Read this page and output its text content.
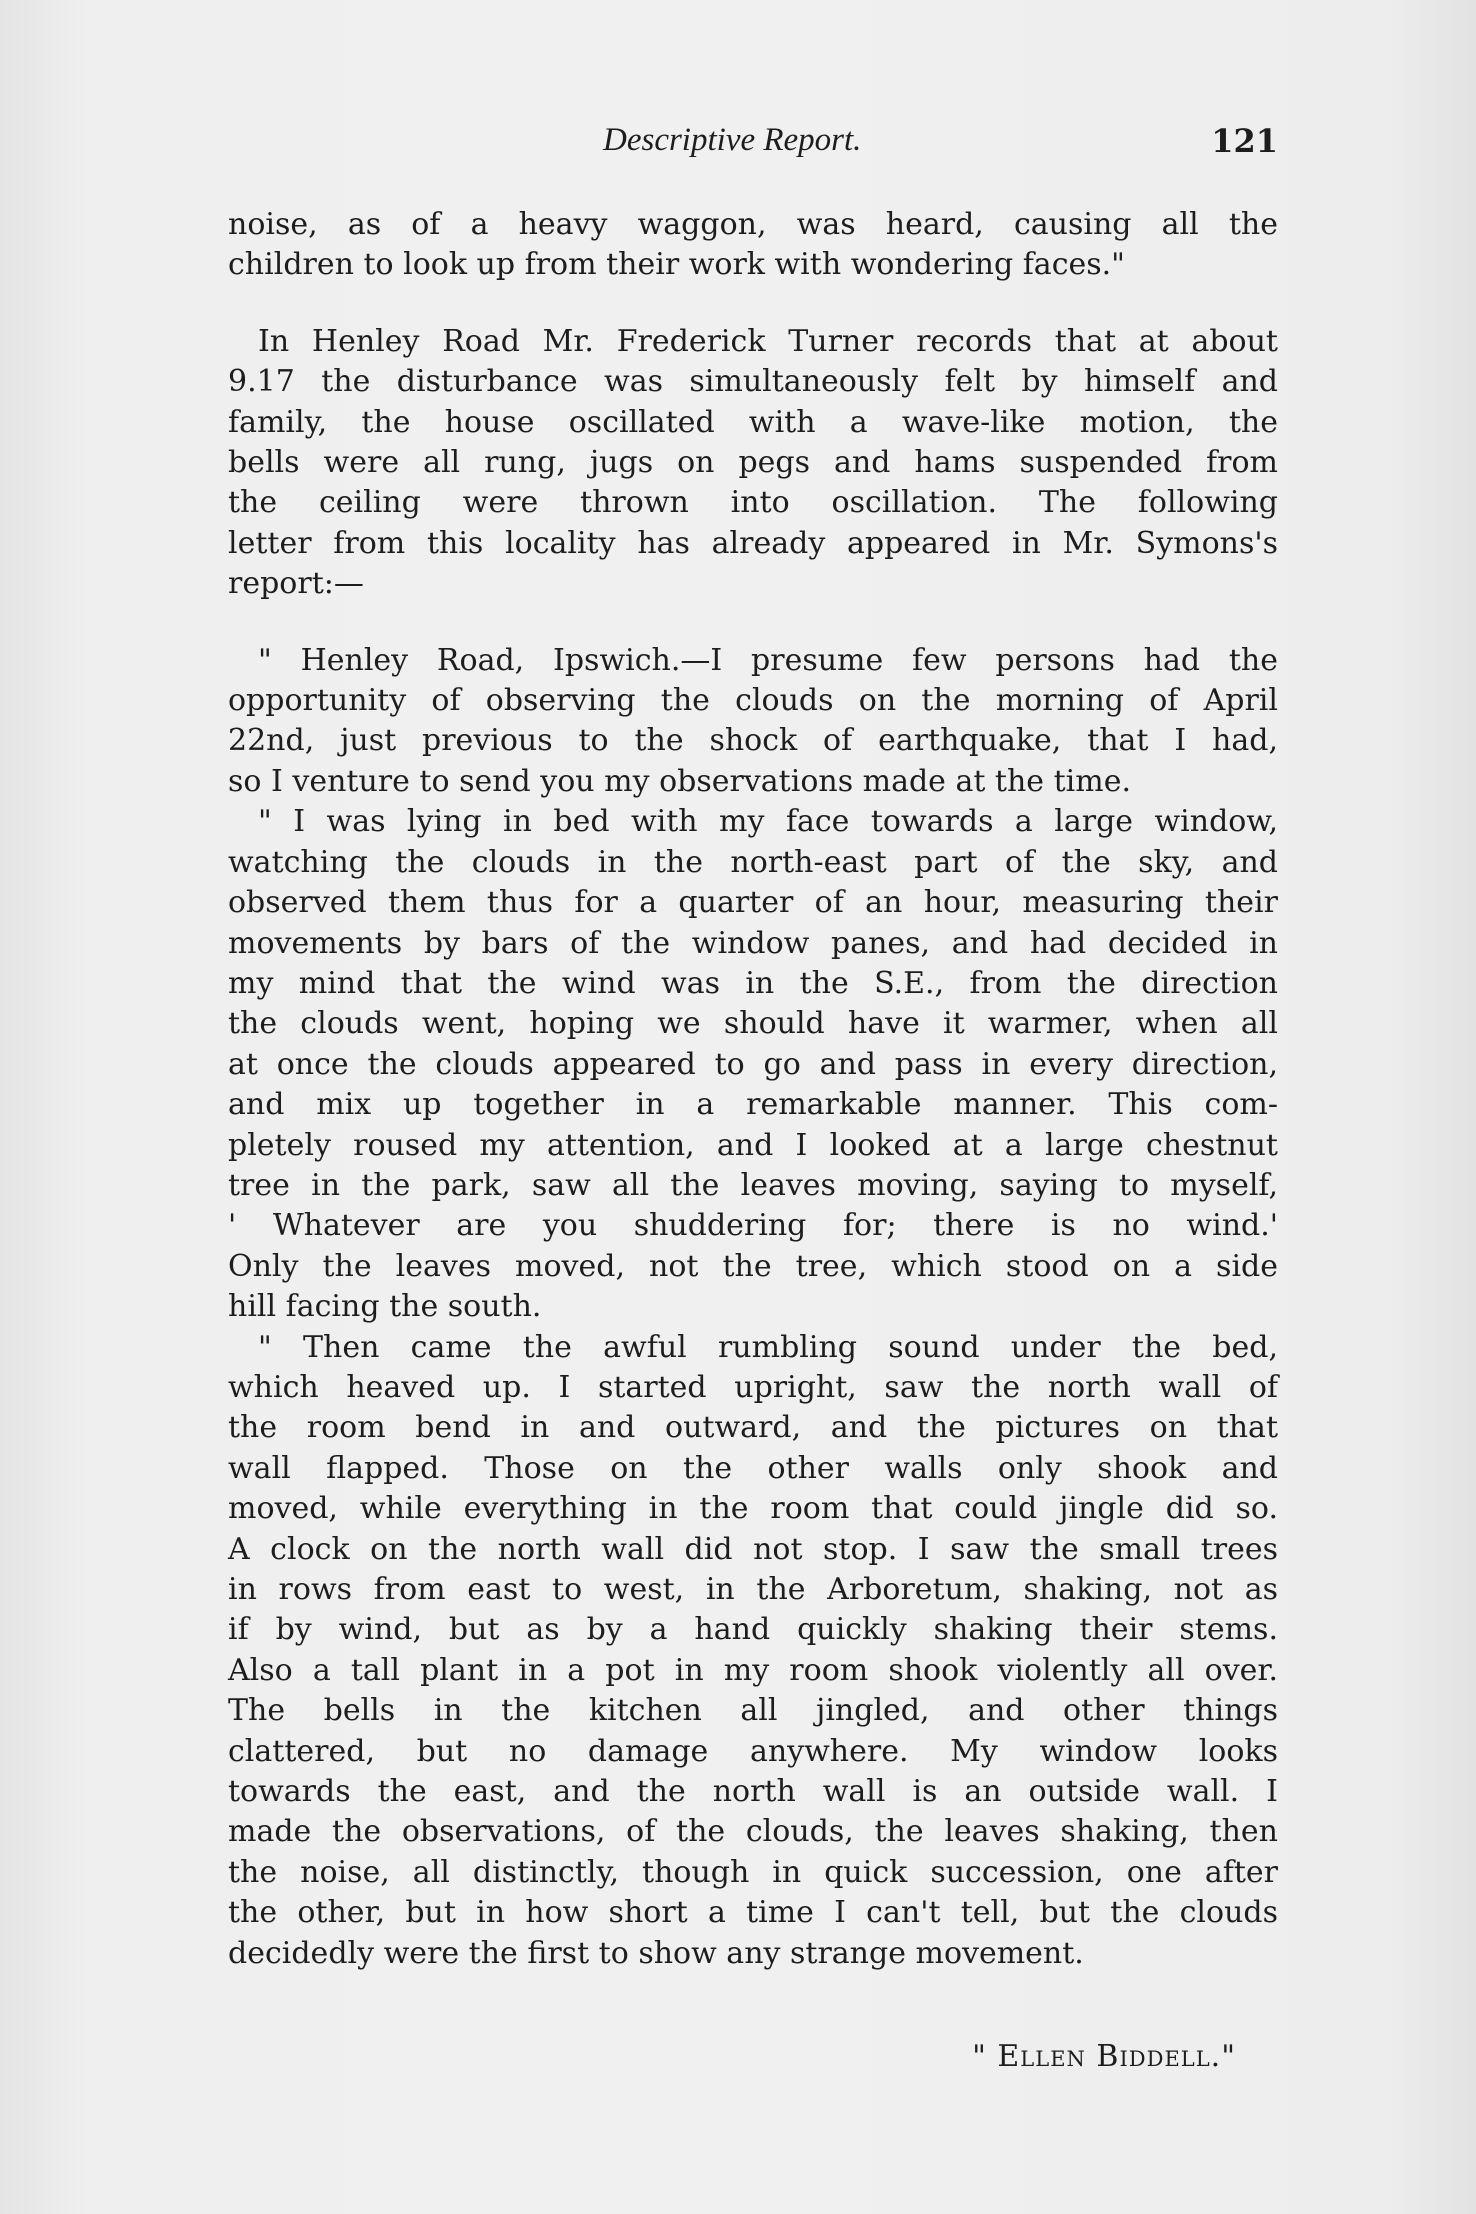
Descriptive Report.	121
noise, as of a heavy waggon, was heard, causing all the
children to look up from their work with wondering faces."
In Henley Road Mr. Frederick Turner records that at about
9.17 the disturbance was simultaneously felt by himself and
family, the house oscillated with a wave-like motion, the
bells were all rung, jugs on pegs and hams suspended from
the ceiling were thrown into oscillation. The following
letter from this locality has already appeared in Mr. Symons's
report:—
" Henley Road, Ipswich.—I presume few persons had the
opportunity of observing the clouds on the morning of April
22nd, just previous to the shock of earthquake, that I had,
so I venture to send you my observations made at the time.
" I was lying in bed with my face towards a large window,
watching the clouds in the north-east part of the sky, and
observed them thus for a quarter of an hour, measuring their
movements by bars of the window panes, and had decided in
my mind that the wind was in the S.E., from the direction
the clouds went, hoping we should have it warmer, when all
at once the clouds appeared to go and pass in every direction,
and mix up together in a remarkable manner. This com-
pletely roused my attention, and I looked at a large chestnut
tree in the park, saw all the leaves moving, saying to myself,
' Whatever are you shuddering for; there is no wind.'
Only the leaves moved, not the tree, which stood on a side
hill facing the south.
" Then came the awful rumbling sound under the bed,
which heaved up. I started upright, saw the north wall of
the room bend in and outward, and the pictures on that
wall flapped. Those on the other walls only shook and
moved, while everything in the room that could jingle did so.
A clock on the north wall did not stop. I saw the small trees
in rows from east to west, in the Arboretum, shaking, not as
if by wind, but as by a hand quickly shaking their stems.
Also a tall plant in a pot in my room shook violently all over.
The bells in the kitchen all jingled, and other things
clattered, but no damage anywhere. My window looks
towards the east, and the north wall is an outside wall. I
made the observations, of the clouds, the leaves shaking, then
the noise, all distinctly, though in quick succession, one after
the other, but in how short a time I can't tell, but the clouds
decidedly were the first to show any strange movement.
" Ellen Biddell."
